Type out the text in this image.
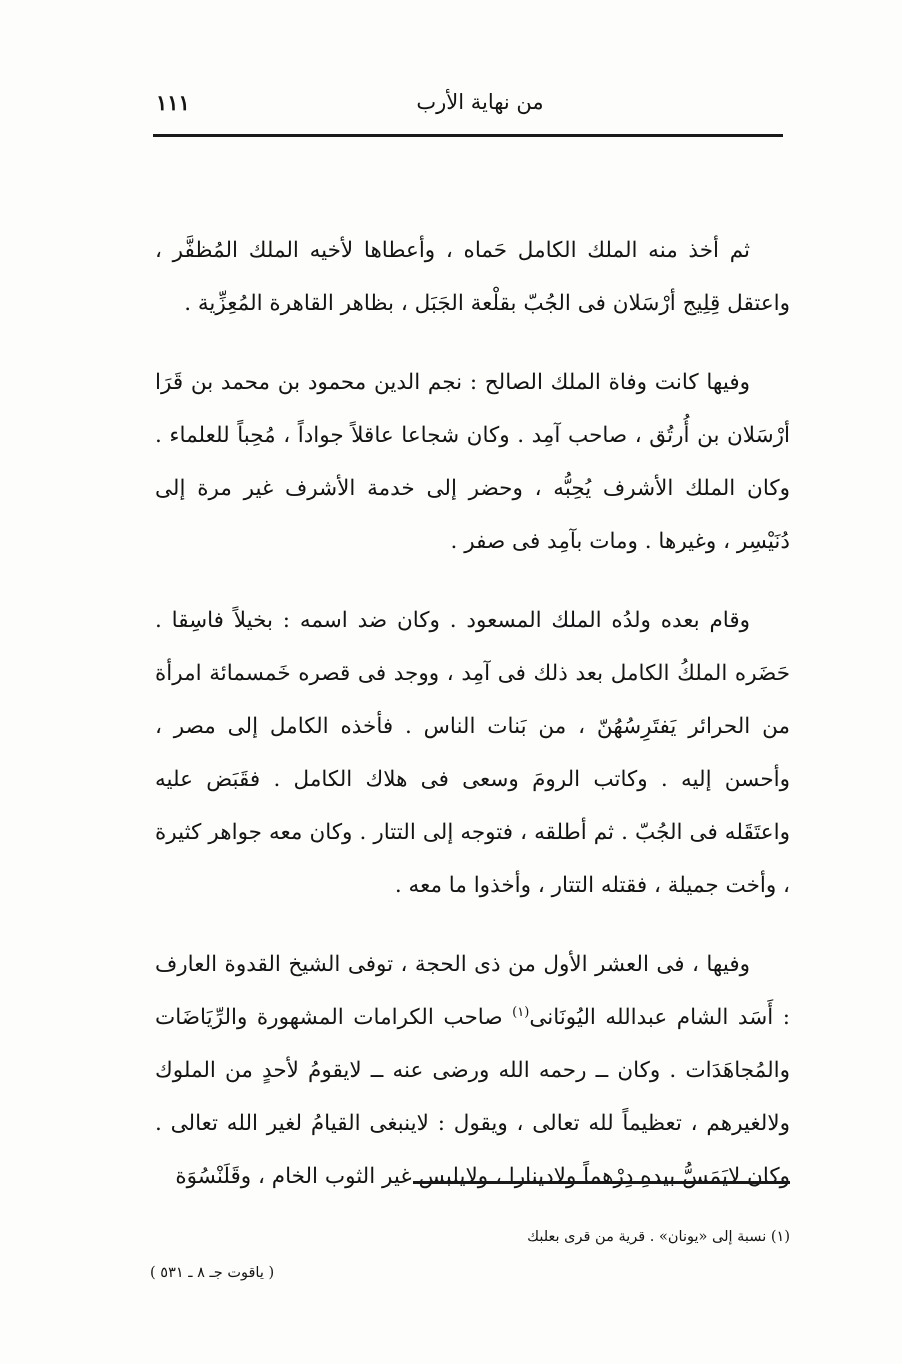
١١١	من نهاية الأرب

ثم أخذ منه الملك الكامل حَماه ، وأعطاها لأخيه الملك المُظفَّر ، واعتقل قِلِيج أرْسَلان فى الجُبّ بقلْعة الجَبَل ، بظاهر القاهرة المُعِزِّية .

وفيها كانت وفاة الملك الصالح : نجم الدين محمود بن محمد بن قَرَا أرْسَلان بن أُرتُق ، صاحب آمِد . وكان شجاعا عاقلاً جواداً ، مُحِباً للعلماء . وكان الملك الأشرف يُحِبُّه ، وحضر إلى خدمة الأشرف غير مرة إلى دُنَيْسِر ، وغيرها . ومات بآمِد فى صفر .

وقام بعده ولدُه الملك المسعود . وكان ضد اسمه : بخيلاً فاسِقا . حَضَره الملكُ الكامل بعد ذلك فى آمِد ، ووجد فى قصره خَمسمائة امرأة من الحرائر يَفتَرِسُهُنّ ، من بَنات الناس . فأخذه الكامل إلى مصر ، وأحسن إليه . وكاتب الرومَ وسعى فى هلاك الكامل . فقَبَض عليه واعتَقَله فى الجُبّ . ثم أطلقه ، فتوجه إلى التتار . وكان معه جواهر كثيرة ، وأخت جميلة ، فقتله التتار ، وأخذوا ما معه .

وفيها ، فى العشر الأول من ذى الحجة ، توفى الشيخ القدوة العارف : أَسَد الشام عبدالله اليُونَانى$^{(١)}$ صاحب الكرامات المشهورة والرِّيَاضَات والمُجاهَدَات . وكان ــ رحمه الله ورضى عنه ــ لايقومُ لأحدٍ من الملوك ولالغيرهم ، تعظيماً لله تعالى ، ويقول : لاينبغى القيامُ لغير الله تعالى . وكان لايَمَسُّ بيدهِ دِرْهماً ولادينارا ، ولايلبس غير الثوب الخام ، وقَلَنْسُوَة

(١) نسبة إلى «يونان» . قرية من قرى بعلبك
( ياقوت جـ ٨ ـ ٥٣١ )
